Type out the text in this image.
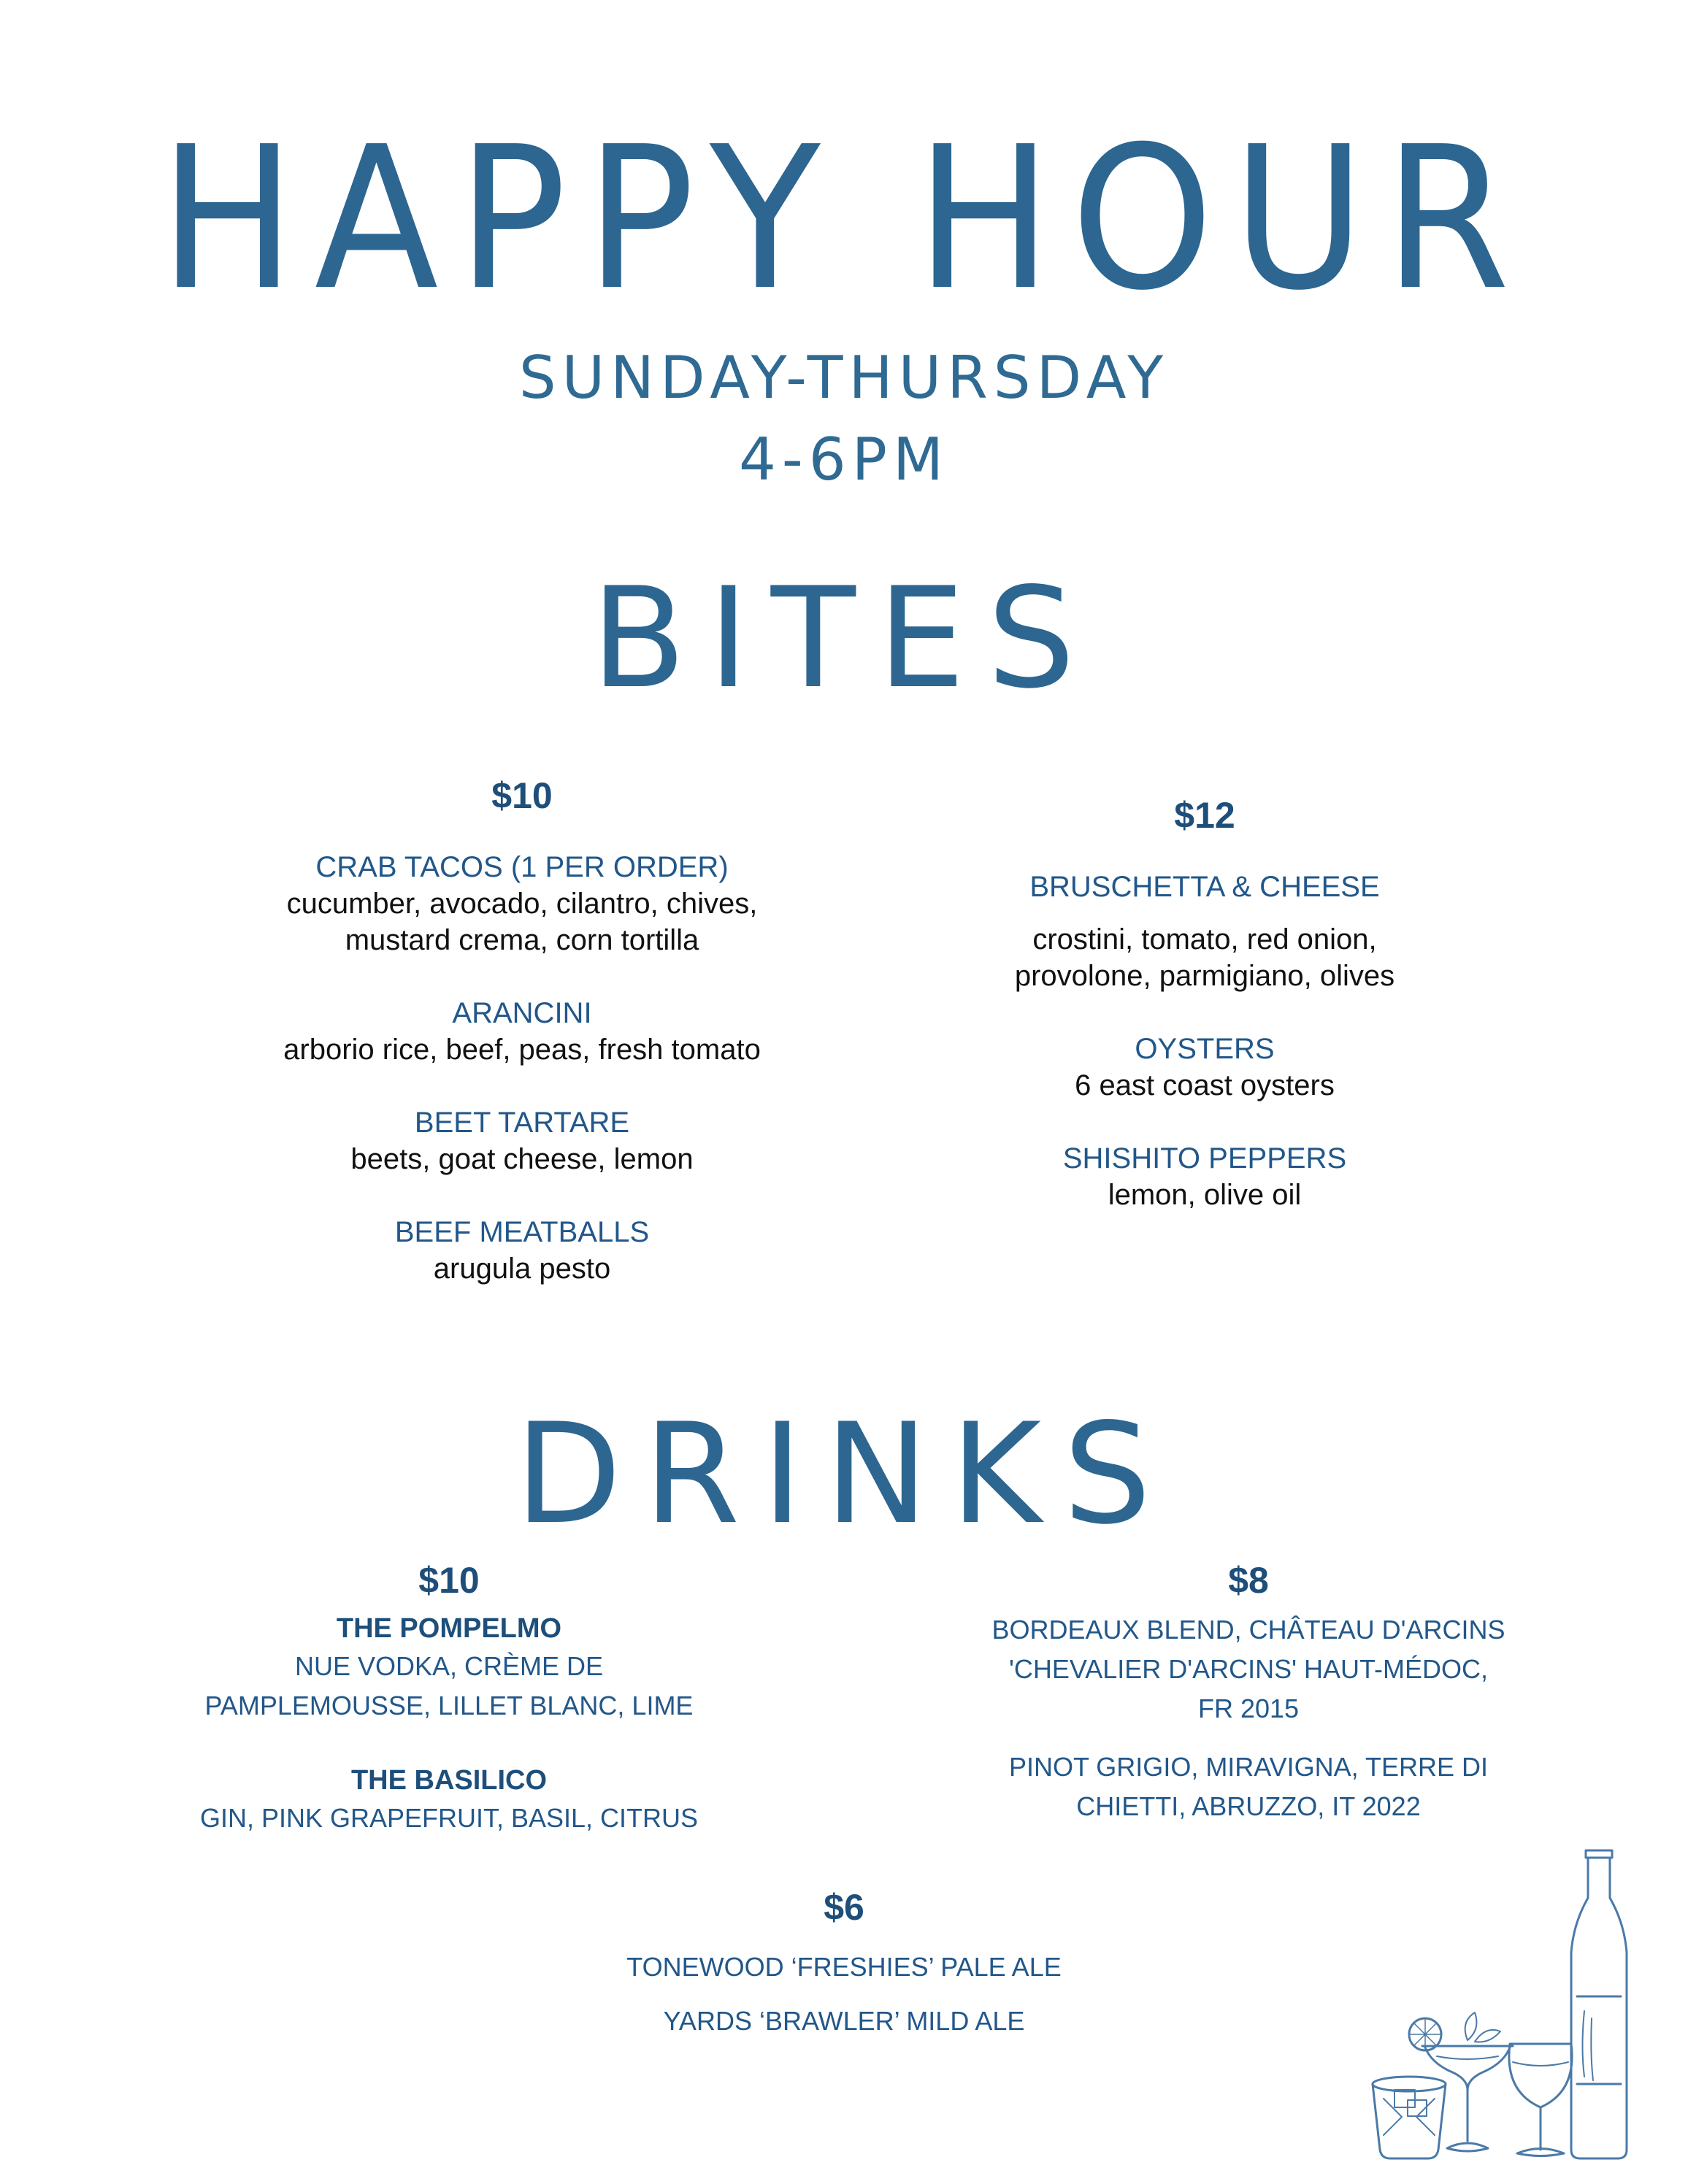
HAPPY HOUR
SUNDAY-THURSDAY
4-6PM
BITES
$10
CRAB TACOS (1 PER ORDER)
cucumber, avocado, cilantro, chives,
mustard crema, corn tortilla
ARANCINI
arborio rice, beef, peas, fresh tomato
BEET TARTARE
beets, goat cheese, lemon
BEEF MEATBALLS
arugula pesto
$12
BRUSCHETTA & CHEESE
crostini, tomato, red onion,
provolone, parmigiano, olives
OYSTERS
6 east coast oysters
SHISHITO PEPPERS
lemon, olive oil
DRINKS
$10
THE POMPELMO
NUE VODKA, CRÈME DE
PAMPLEMOUSSE, LILLET BLANC, LIME
THE BASILICO
GIN, PINK GRAPEFRUIT, BASIL, CITRUS
$8
BORDEAUX BLEND, CHÂTEAU D'ARCINS
'CHEVALIER D'ARCINS' HAUT-MÉDOC,
FR 2015
PINOT GRIGIO, MIRAVIGNA, TERRE DI
CHIETTI, ABRUZZO, IT 2022
$6
TONEWOOD ‘FRESHIES’ PALE ALE
YARDS ‘BRAWLER’ MILD ALE
